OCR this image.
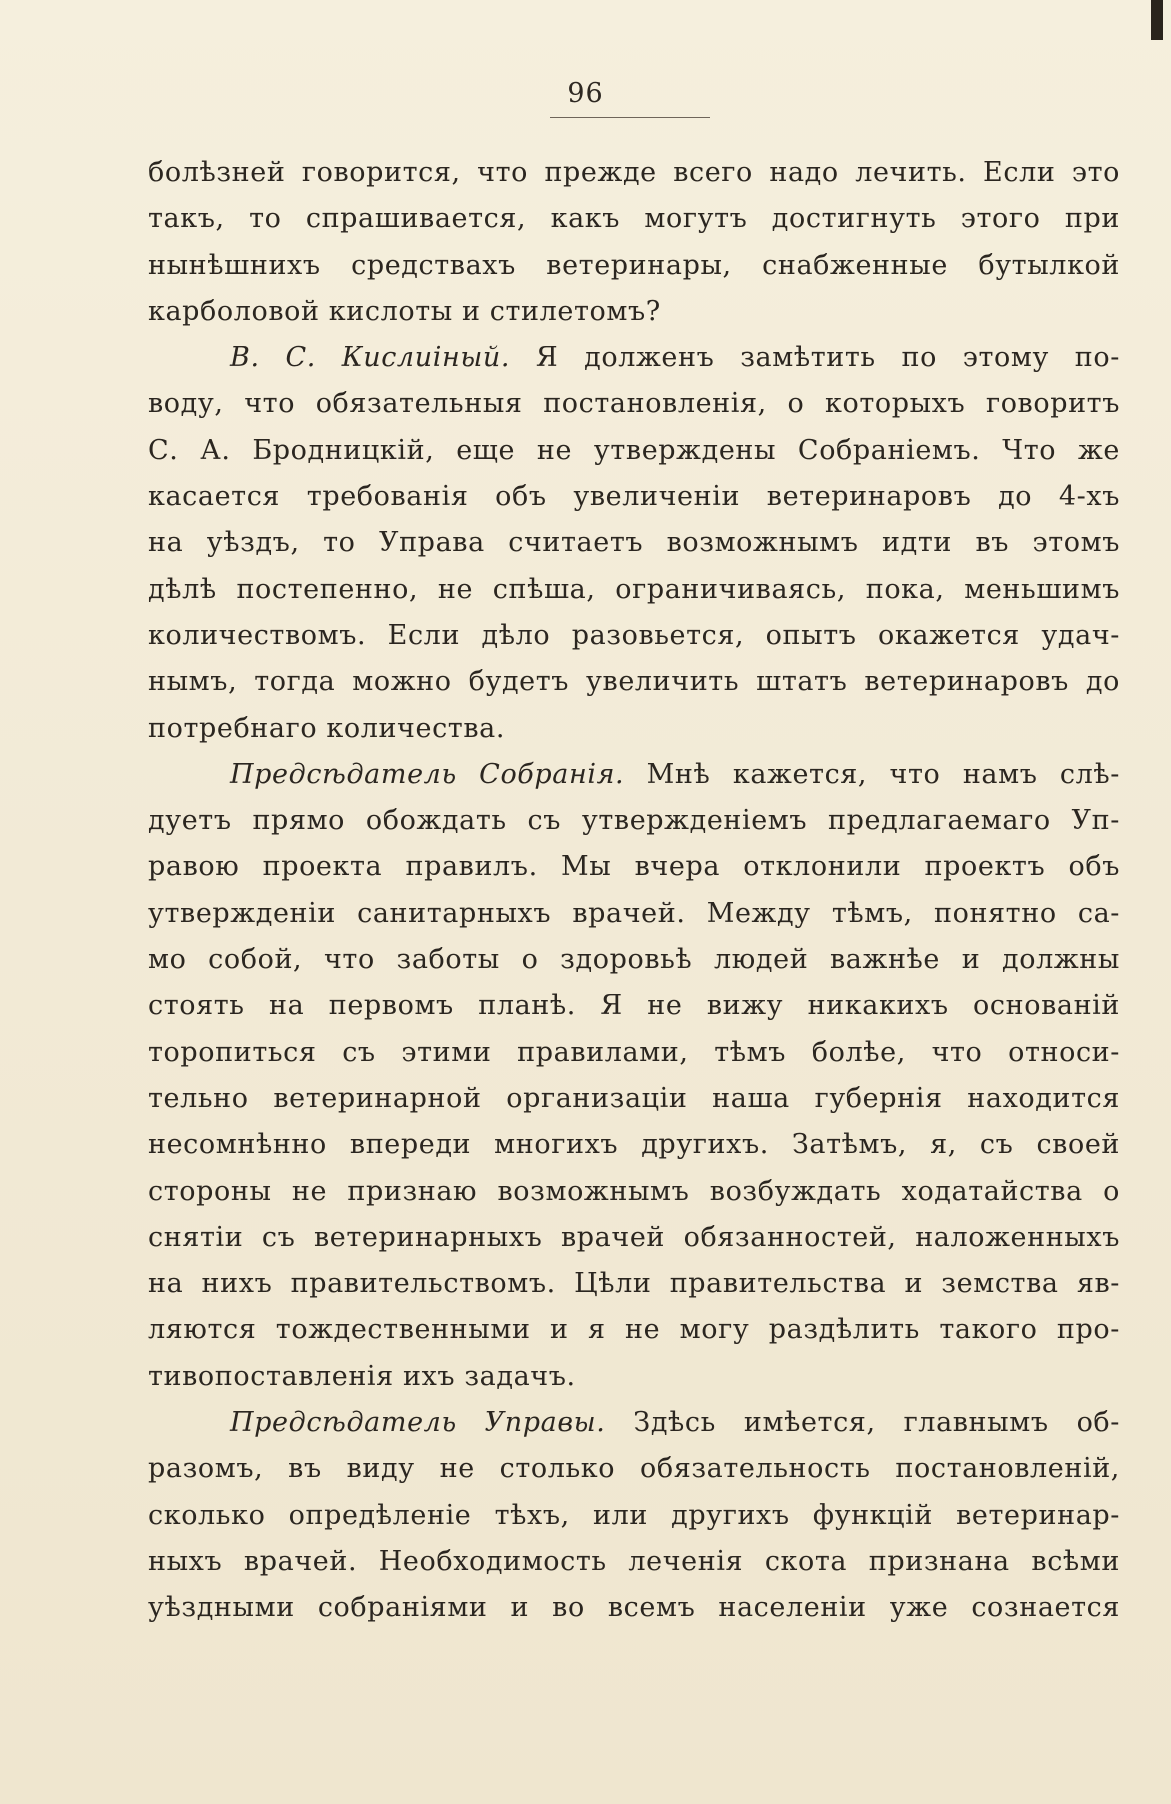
96
болѣзней говорится, что прежде всего надо лечить. Если это
такъ, то спрашивается, какъ могутъ достигнуть этого при
нынѣшнихъ средствахъ ветеринары, снабженные бутылкой
карболовой кислоты и стилетомъ?
В. С. Кислиiный. Я долженъ замѣтить по этому по-
воду, что обязательныя постановленія, о которыхъ говоритъ
С. А. Бродницкій, еще не утверждены Собраніемъ. Что же
касается требованія объ увеличеніи ветеринаровъ до 4-хъ
на уѣздъ, то Управа считаетъ возможнымъ идти въ этомъ
дѣлѣ постепенно, не спѣша, ограничиваясь, пока, меньшимъ
количествомъ. Если дѣло разовьется, опытъ окажется удач-
нымъ, тогда можно будетъ увеличить штатъ ветеринаровъ до
потребнаго количества.
Предсѣдатель Собранія. Мнѣ кажется, что намъ слѣ-
дуетъ прямо обождать съ утвержденіемъ предлагаемаго Уп-
равою проекта правилъ. Мы вчера отклонили проектъ объ
утвержденіи санитарныхъ врачей. Между тѣмъ, понятно са-
мо собой, что заботы о здоровьѣ людей важнѣе и должны
стоять на первомъ планѣ. Я не вижу никакихъ основаній
торопиться съ этими правилами, тѣмъ болѣе, что относи-
тельно ветеринарной организаціи наша губернія находится
несомнѣнно впереди многихъ другихъ. Затѣмъ, я, съ своей
стороны не признаю возможнымъ возбуждать ходатайства о
снятіи съ ветеринарныхъ врачей обязанностей, наложенныхъ
на нихъ правительствомъ. Цѣли правительства и земства яв-
ляются тождественными и я не могу раздѣлить такого про-
тивопоставленія ихъ задачъ.
Предсѣдатель Управы. Здѣсь имѣется, главнымъ об-
разомъ, въ виду не столько обязательность постановленій,
сколько опредѣленіе тѣхъ, или другихъ функцій ветеринар-
ныхъ врачей. Необходимость леченія скота признана всѣми
уѣздными собраніями и во всемъ населеніи уже сознается
